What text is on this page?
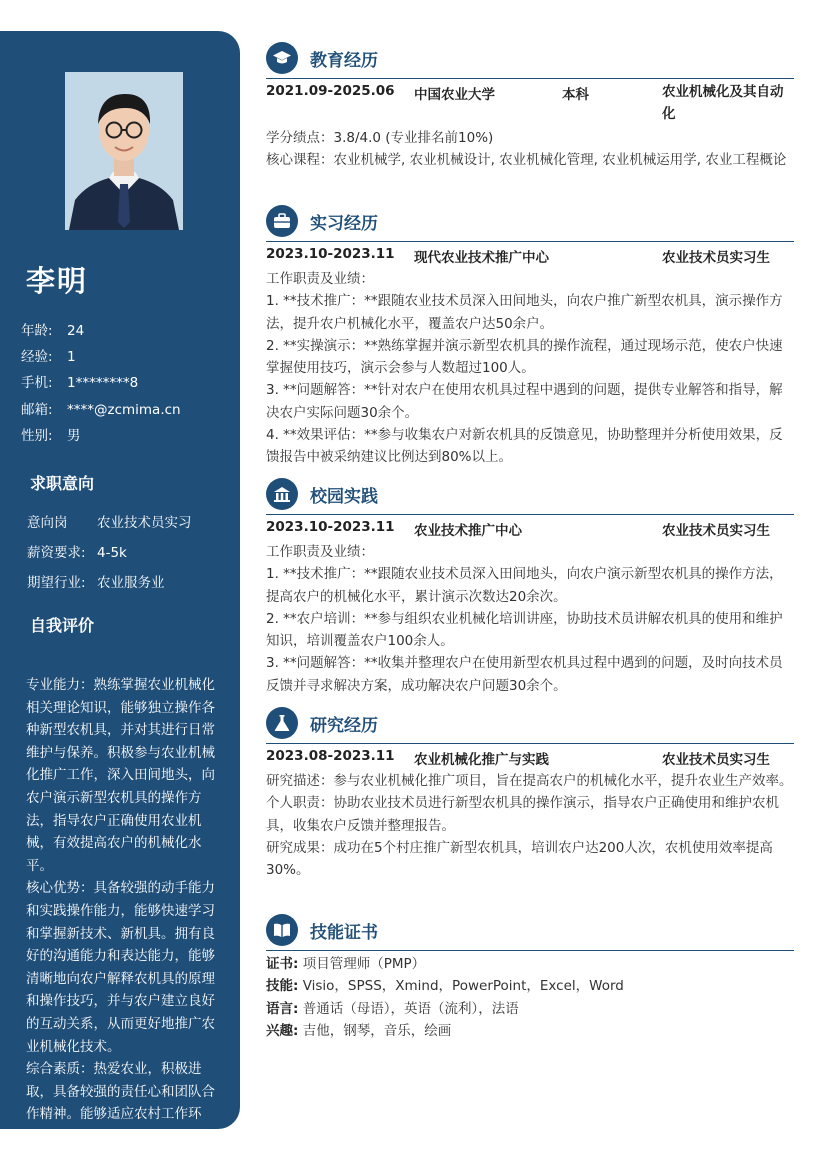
李明
年龄: 24
经验: 1
手机: 1********8
邮箱: ****@zcmima.cn
性别: 男
求职意向
意向岗 农业技术员实习
薪资要求: 4-5k
期望行业: 农业服务业
自我评价

专业能力：熟练掌握农业机械化相关理论知识，能够独立操作各种新型农机具，并对其进行日常维护与保养。积极参与农业机械化推广工作，深入田间地头，向农户演示新型农机具的操作方法，指导农户正确使用农业机械，有效提高农户的机械化水平。

核心优势：具备较强的动手能力和实践操作能力，能够快速学习和掌握新技术、新机具。拥有良好的沟通能力和表达能力，能够清晰地向农户解释农机具的原理和操作技巧，并与农户建立良好的互动关系，从而更好地推广农业机械化技术。

综合素质：热爱农业，积极进取，具备较强的责任心和团队合作精神。能够适应农村工作环境，吃苦耐劳，愿意深入基

教育经历
2021.09-2025.06 中国农业大学	本科	农业机械化及其自动化

学分绩点：3.8/4.0 (专业排名前10%)

核心课程：农业机械学, 农业机械设计, 农业机械化管理, 农业机械运用学, 农业工程概论

实习经历
2023.10-2023.11 现代农业技术推广中心	农业技术员实习生

工作职责及业绩：

1. **技术推广：**跟随农业技术员深入田间地头，向农户推广新型农机具，演示操作方法，提升农户机械化水平，覆盖农户达50余户。

2. **实操演示：**熟练掌握并演示新型农机具的操作流程，通过现场示范，使农户快速掌握使用技巧，演示会参与人数超过100人。

3. **问题解答：**针对农户在使用农机具过程中遇到的问题，提供专业解答和指导，解决农户实际问题30余个。

4. **效果评估：**参与收集农户对新农机具的反馈意见，协助整理并分析使用效果，反馈报告中被采纳建议比例达到80%以上。

校园实践
2023.10-2023.11 农业技术推广中心	农业技术员实习生

工作职责及业绩：

1. **技术推广：**跟随农业技术员深入田间地头，向农户演示新型农机具的操作方法，提高农户的机械化水平，累计演示次数达20余次。

2. **农户培训：**参与组织农业机械化培训讲座，协助技术员讲解农机具的使用和维护知识，培训覆盖农户100余人。

3. **问题解答：**收集并整理农户在使用新型农机具过程中遇到的问题，及时向技术员反馈并寻求解决方案，成功解决农户问题30余个。

研究经历
2023.08-2023.11 农业机械化推广与实践	农业技术员实习生

研究描述：参与农业机械化推广项目，旨在提高农户的机械化水平，提升农业生产效率。

个人职责：协助农业技术员进行新型农机具的操作演示，指导农户正确使用和维护农机具，收集农户反馈并整理报告。

研究成果：成功在5个村庄推广新型农机具，培训农户达200人次，农机使用效率提高30%。

技能证书
证书: 项目管理师（PMP）
技能: Visio，SPSS，Xmind，PowerPoint，Excel，Word
语言: 普通话（母语），英语（流利），法语
兴趣: 吉他，钢琴，音乐，绘画
